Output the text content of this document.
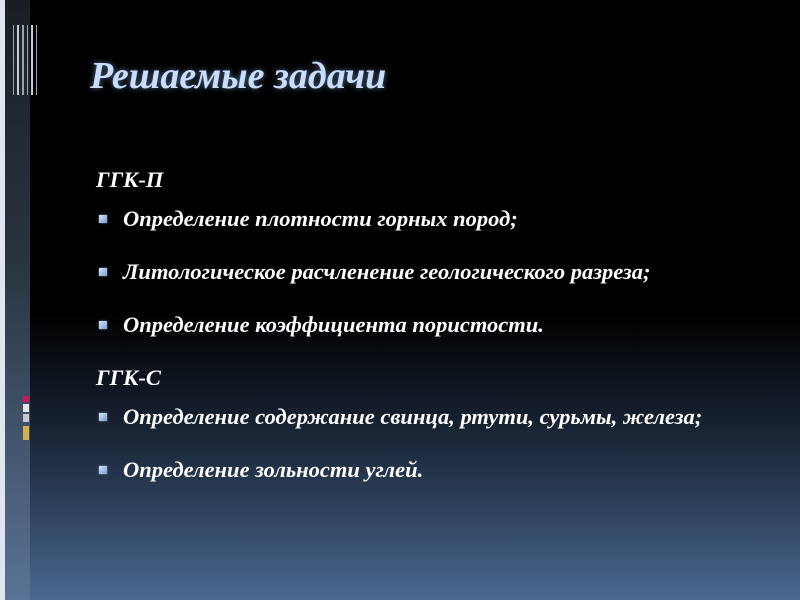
Решаемые задачи

ГГК-П

Определение плотности горных пород;
Литологическое расчленение геологического разреза;
Определение коэффициента пористости.

ГГК-С

Определение содержание свинца, ртути, сурьмы, железа;
Определение зольности углей.
